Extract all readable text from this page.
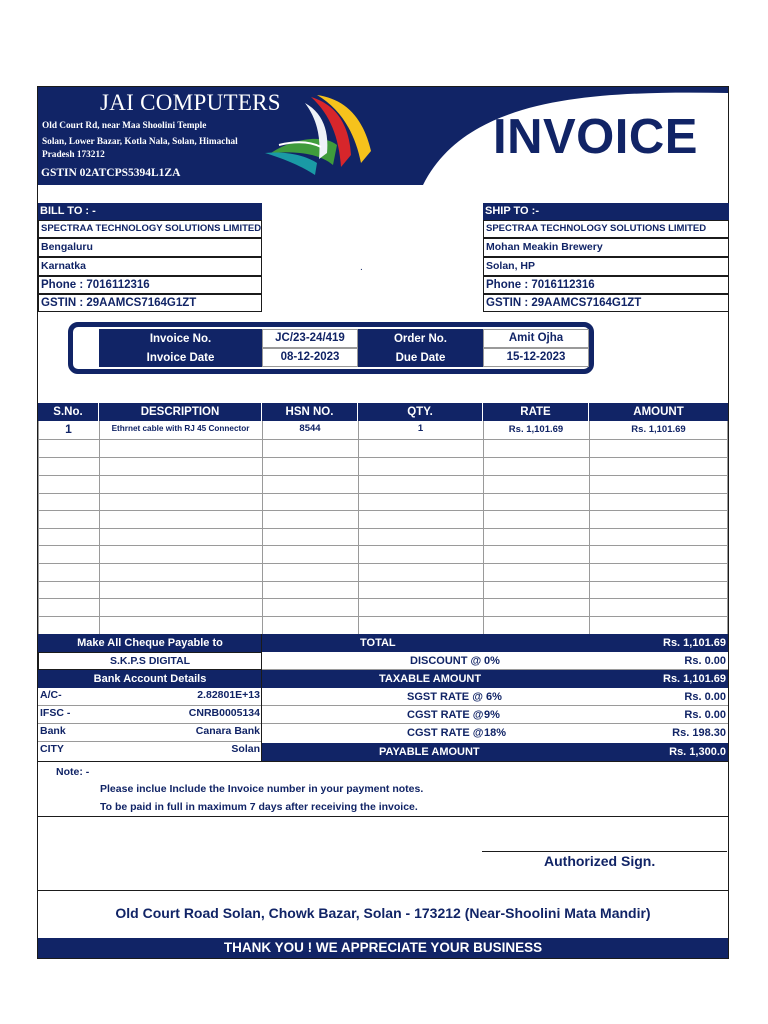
JAI COMPUTERS
Old Court Rd, near Maa Shoolini Temple
Solan, Lower Bazar, Kotla Nala, Solan, Himachal
Pradesh 173212
GSTIN 02ATCPS5394L1ZA
INVOICE
BILL TO : -
SPECTRAA TECHNOLOGY SOLUTIONS LIMITED
Bengaluru
Karnatka
Phone : 7016112316
GSTIN : 29AAMCS7164G1ZT
.
SHIP TO :-
SPECTRAA TECHNOLOGY SOLUTIONS LIMITED
Mohan Meakin Brewery
Solan, HP
Phone : 7016112316
GSTIN : 29AAMCS7164G1ZT
Invoice No.	JC/23-24/419	Order No.	Amit Ojha
Invoice Date	08-12-2023	Due Date	15-12-2023
S.No.	DESCRIPTION	HSN NO.	QTY.	RATE	AMOUNT
1	Ethrnet cable with RJ 45 Connector	8544	1	Rs. 1,101.69	Rs. 1,101.69
Make All Cheque Payable to
S.K.P.S DIGITAL
Bank Account Details
A/C-	2.82801E+13
IFSC -	CNRB0005134
Bank	Canara Bank
CITY	Solan
TOTAL	Rs. 1,101.69
DISCOUNT @ 0%	Rs. 0.00
TAXABLE AMOUNT	Rs. 1,101.69
SGST RATE @ 6%	Rs. 0.00
CGST RATE @ 9%	Rs. 0.00
CGST RATE @ 18%	Rs. 198.30
PAYABLE AMOUNT	Rs. 1,300.0
Note: -
Please inclue Include the Invoice number in your payment notes.
To be paid in full in maximum 7 days after receiving the invoice.
Authorized Sign.
Old Court Road Solan, Chowk Bazar, Solan - 173212 (Near-Shoolini Mata Mandir)
THANK YOU ! WE APPRECIATE YOUR BUSINESS
